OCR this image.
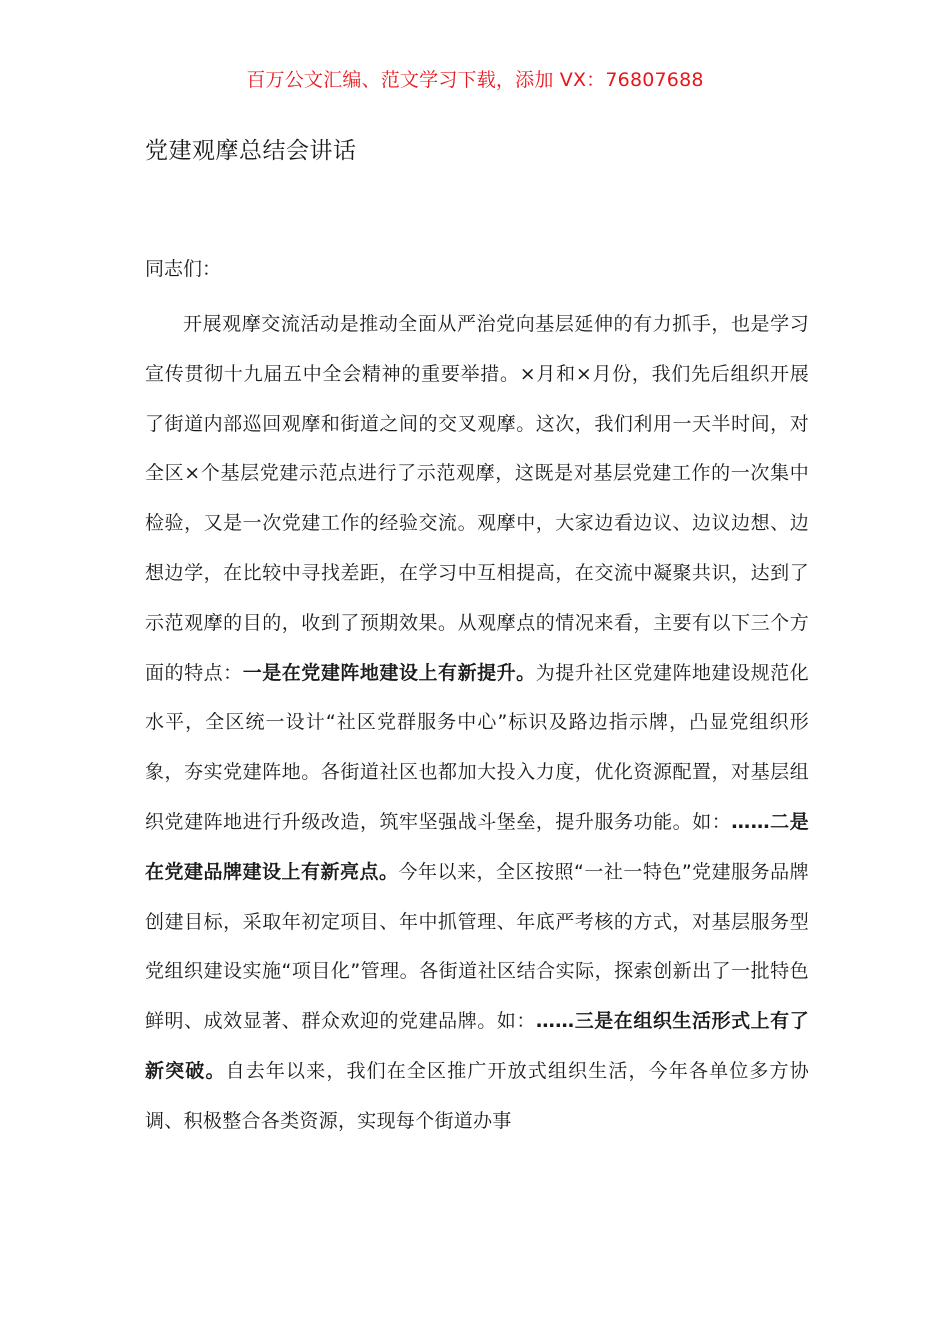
百万公文汇编、范文学习下载，添加 VX：76807688
党建观摩总结会讲话
同志们：

开展观摩交流活动是推动全面从严治党向基层延伸的有力抓手，也是学习宣传贯彻十九届五中全会精神的重要举措。×月和×月份，我们先后组织开展了街道内部巡回观摩和街道之间的交叉观摩。这次，我们利用一天半时间，对全区×个基层党建示范点进行了示范观摩，这既是对基层党建工作的一次集中检验，又是一次党建工作的经验交流。观摩中，大家边看边议、边议边想、边想边学，在比较中寻找差距，在学习中互相提高，在交流中凝聚共识，达到了示范观摩的目的，收到了预期效果。从观摩点的情况来看，主要有以下三个方面的特点：一是在党建阵地建设上有新提升。为提升社区党建阵地建设规范化水平，全区统一设计“社区党群服务中心”标识及路边指示牌，凸显党组织形象，夯实党建阵地。各街道社区也都加大投入力度，优化资源配置，对基层组织党建阵地进行升级改造，筑牢坚强战斗堡垒，提升服务功能。如：……二是在党建品牌建设上有新亮点。今年以来，全区按照“一社一特色”党建服务品牌创建目标，采取年初定项目、年中抓管理、年底严考核的方式，对基层服务型党组织建设实施“项目化”管理。各街道社区结合实际，探索创新出了一批特色鲜明、成效显著、群众欢迎的党建品牌。如：……三是在组织生活形式上有了新突破。自去年以来，我们在全区推广开放式组织生活，今年各单位多方协调、积极整合各类资源，实现每个街道办事
